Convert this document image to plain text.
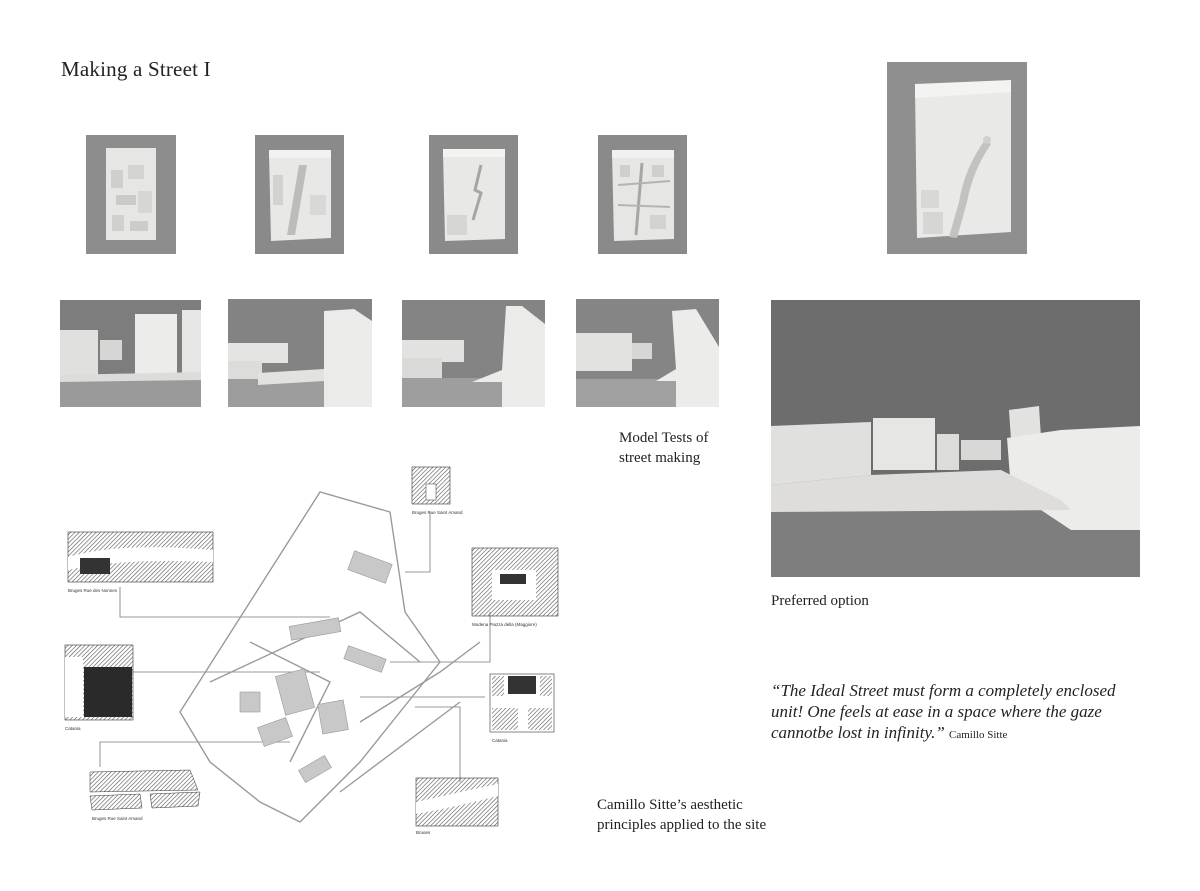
Making a Street I
Model Tests of
street making
Preferred option
“The Ideal Street must form a completely enclosed unit! One feels at ease in a space where the gaze cannotbe lost in infinity.” Camillo Sitte
Bruges Rue Saint Amand
Bruges Rue des Nonnes
Modena Piazza della (Maggiore)
Catania
Catania
Bruges Rue Saint Amand
Bruges
Camillo Sitte’s aesthetic
principles applied to the site
